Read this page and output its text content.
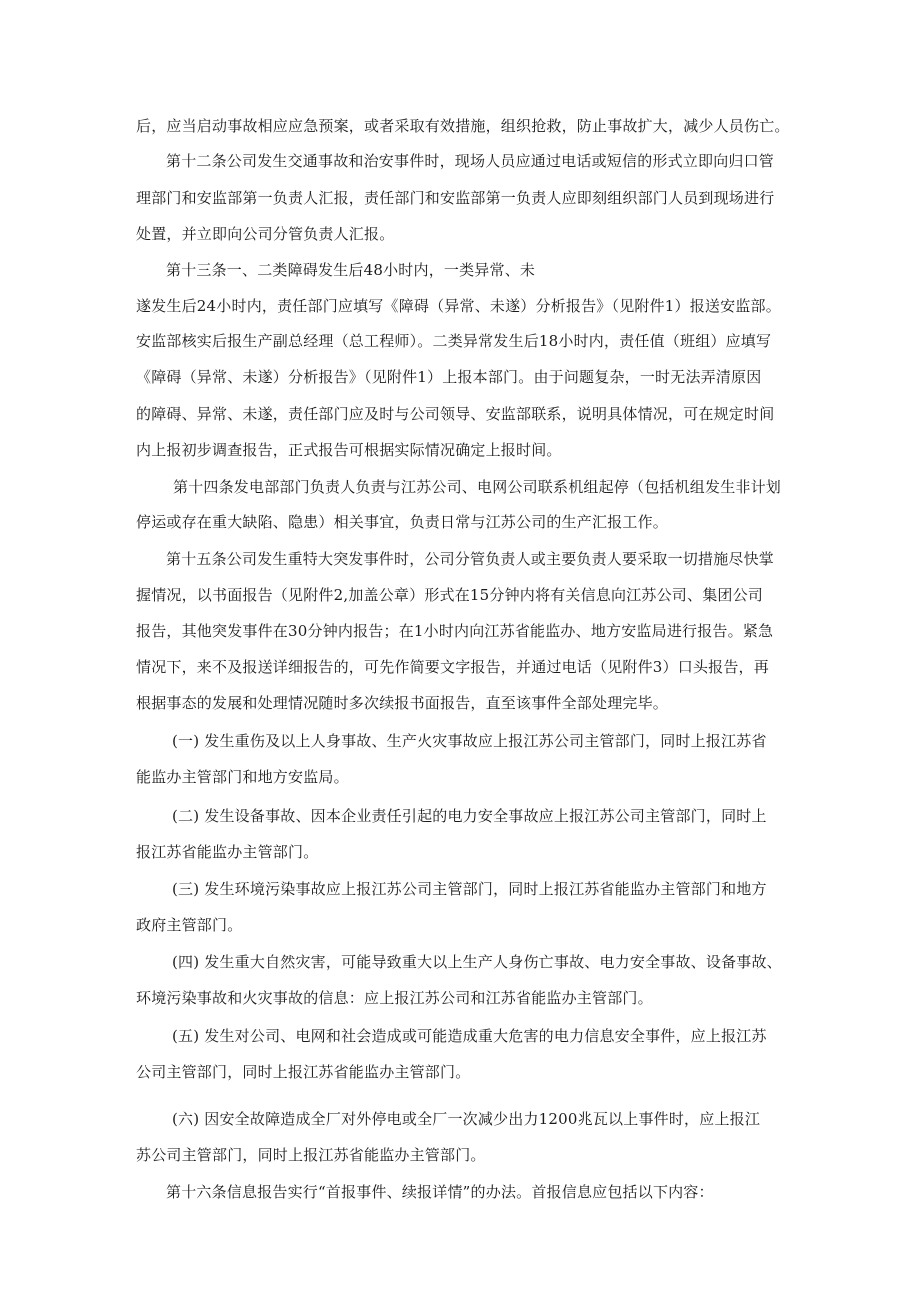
后，应当启动事故相应应急预案，或者采取有效措施，组织抢救，防止事故扩大，减少人员伤亡。
第十二条公司发生交通事故和治安事件时，现场人员应通过电话或短信的形式立即向归口管
理部门和安监部第一负责人汇报，责任部门和安监部第一负责人应即刻组织部门人员到现场进行
处置，并立即向公司分管负责人汇报。
第十三条一、二类障碍发生后48小时内，一类异常、未
遂发生后24小时内，责任部门应填写《障碍（异常、未遂）分析报告》（见附件1）报送安监部。
安监部核实后报生产副总经理（总工程师）。二类异常发生后18小时内，责任值（班组）应填写
《障碍（异常、未遂）分析报告》（见附件1）上报本部门。由于问题复杂，一时无法弄清原因
的障碍、异常、未遂，责任部门应及时与公司领导、安监部联系，说明具体情况，可在规定时间
内上报初步调查报告，正式报告可根据实际情况确定上报时间。
第十四条发电部部门负责人负责与江苏公司、电网公司联系机组起停（包括机组发生非计划
停运或存在重大缺陷、隐患）相关事宜，负责日常与江苏公司的生产汇报工作。
第十五条公司发生重特大突发事件时，公司分管负责人或主要负责人要采取一切措施尽快掌
握情况，以书面报告（见附件2,加盖公章）形式在15分钟内将有关信息向江苏公司、集团公司
报告，其他突发事件在30分钟内报告；在1小时内向江苏省能监办、地方安监局进行报告。紧急
情况下，来不及报送详细报告的，可先作简要文字报告，并通过电话（见附件3）口头报告，再
根据事态的发展和处理情况随时多次续报书面报告，直至该事件全部处理完毕。
(一) 发生重伤及以上人身事故、生产火灾事故应上报江苏公司主管部门，同时上报江苏省
能监办主管部门和地方安监局。
(二) 发生设备事故、因本企业责任引起的电力安全事故应上报江苏公司主管部门，同时上
报江苏省能监办主管部门。
(三) 发生环境污染事故应上报江苏公司主管部门，同时上报江苏省能监办主管部门和地方
政府主管部门。
(四) 发生重大自然灾害，可能导致重大以上生产人身伤亡事故、电力安全事故、设备事故、
环境污染事故和火灾事故的信息：应上报江苏公司和江苏省能监办主管部门。
(五) 发生对公司、电网和社会造成或可能造成重大危害的电力信息安全事件，应上报江苏
公司主管部门，同时上报江苏省能监办主管部门。
(六) 因安全故障造成全厂对外停电或全厂一次减少出力1200兆瓦以上事件时，应上报江
苏公司主管部门，同时上报江苏省能监办主管部门。
第十六条信息报告实行“首报事件、续报详情”的办法。首报信息应包括以下内容：
